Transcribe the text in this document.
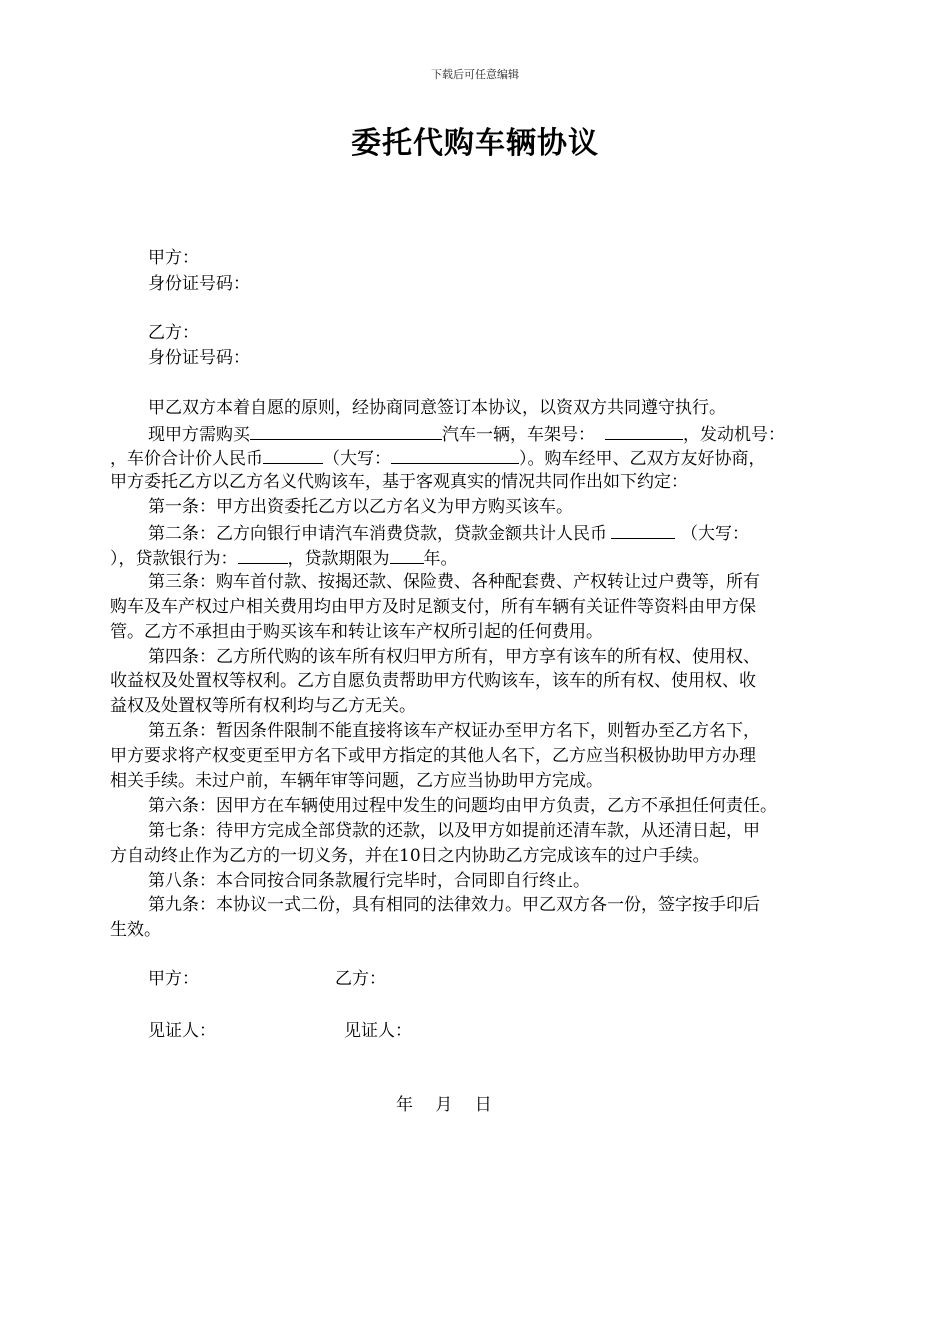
下载后可任意编辑
委托代购车辆协议
甲方：
身份证号码：
乙方：
身份证号码：
甲乙双方本着自愿的原则，经协商同意签订本协议，以资双方共同遵守执行。
现甲方需购买	汽车一辆，车架号：	，发动机号：
，车价合计价人民币	（大写：	）。购车经甲、乙双方友好协商，
甲方委托乙方以乙方名义代购该车，基于客观真实的情况共同作出如下约定：
第一条：甲方出资委托乙方以乙方名义为甲方购买该车。
第二条：乙方向银行申请汽车消费贷款，贷款金额共计人民币	（大写：
），贷款银行为：	，贷款期限为 年。
第三条：购车首付款、按揭还款、保险费、各种配套费、产权转让过户费等，所有
购车及车产权过户相关费用均由甲方及时足额支付，所有车辆有关证件等资料由甲方保
管。乙方不承担由于购买该车和转让该车产权所引起的任何费用。
第四条：乙方所代购的该车所有权归甲方所有，甲方享有该车的所有权、使用权、
收益权及处置权等权利。乙方自愿负责帮助甲方代购该车，该车的所有权、使用权、收
益权及处置权等所有权利均与乙方无关。
第五条：暂因条件限制不能直接将该车产权证办至甲方名下，则暂办至乙方名下，
甲方要求将产权变更至甲方名下或甲方指定的其他人名下，乙方应当积极协助甲方办理
相关手续。未过户前，车辆年审等问题，乙方应当协助甲方完成。
第六条：因甲方在车辆使用过程中发生的问题均由甲方负责，乙方不承担任何责任。
第七条：待甲方完成全部贷款的还款，以及甲方如提前还清车款，从还清日起，甲
方自动终止作为乙方的一切义务，并在10日之内协助乙方完成该车的过户手续。
第八条：本合同按合同条款履行完毕时，合同即自行终止。
第九条：本协议一式二份，具有相同的法律效力。甲乙双方各一份，签字按手印后
生效。
甲方：	乙方：
见证人：	见证人：
年　 月　 日
